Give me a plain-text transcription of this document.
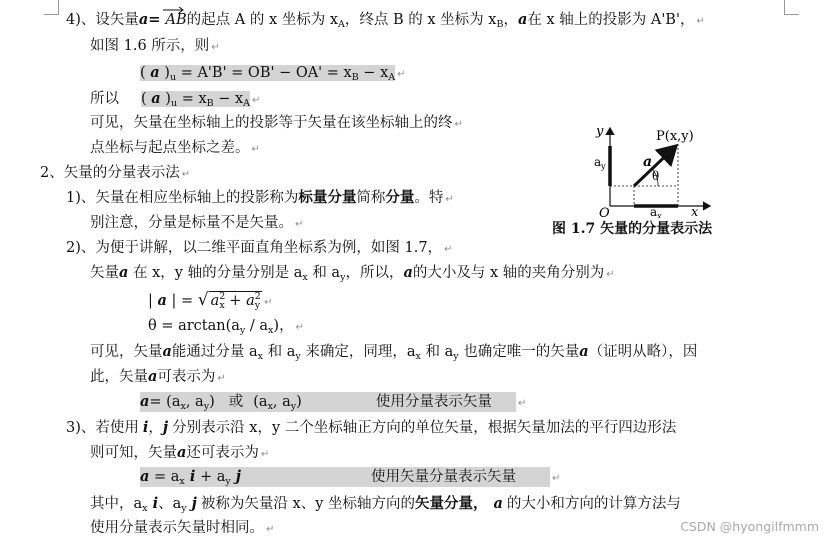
4)、设矢量a= AB
的起点 A 的 x 坐标为 $x_A$，终点 B 的 x 坐标为 $x_B$，a在 x 轴上的投影为 A'B'， ↵
如图 1.6 所示，则 ↵
( a )$_u = A'B' = OB' - OA' = x_B - x_A$ ↵
所以 ( a )$_u = x_B - x_A$ ↵
可见，矢量在坐标轴上的投影等于矢量在该坐标轴上的终 ↵
点坐标与起点坐标之差。 ↵
2、矢量的分量表示法 ↵
1)、矢量在相应坐标轴上的投影称为标量分量简称分量。特 ↵
别注意，分量是标量不是矢量。 ↵
2)、为便于讲解，以二维平面直角坐标系为例，如图 1.7， ↵
矢量a 在 x，y 轴的分量分别是 $a_x$ 和 $a_y$，所以，a的大小及与 x 轴的夹角分别为 ↵
| a | = √ $a^2_x + a^2_y$ ↵
$\theta = \arctan(a_y / a_x)$， ↵
可见，矢量a能通过分量 $a_x$ 和 $a_y$ 来确定，同理，$a_x$ 和 $a_y$ 也确定唯一的矢量a（证明从略），因
此，矢量a可表示为 ↵
$a= (a_x$, $a_y$) 或 ($a_x$, $a_y$)	使用分量表示矢量	↵
3)、若使用 i，j 分别表示沿 x，y 二个坐标轴正方向的单位矢量，根据矢量加法的平行四边形法
则可知，矢量a还可表示为 ↵
$a = a_x$ $i + a_y$ j	使用矢量分量表示矢量	↵
其中，$a_x$ i、$a_y$ j 被称为矢量沿 x、y 坐标轴方向的矢量分量， a 的大小和方向的计算方法与
使用分量表示矢量时相同。 ↵
y
x
O
P(x,y)
a
θ
$a_y$
$a_x$
图 1.7 矢量的分量表示法
CSDN @hyongilfmmm
